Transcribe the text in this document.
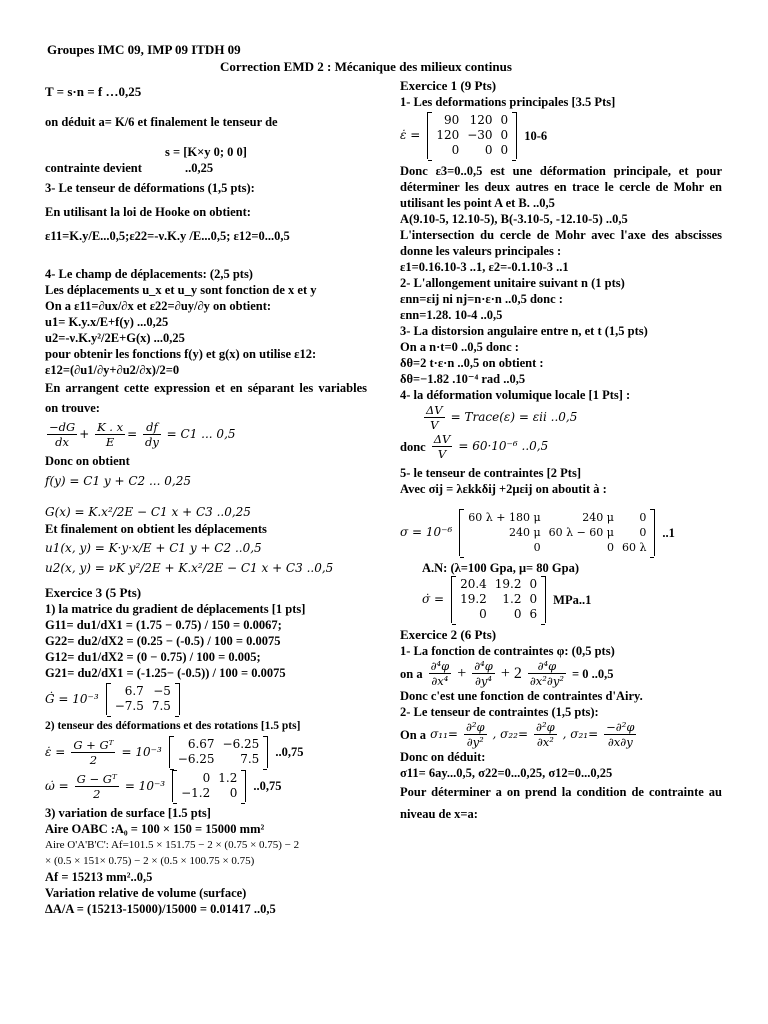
Groupes IMC 09, IMP 09 ITDH 09
Correction EMD 2 : Mécanique des milieux continus
T = s·n = f …0,25
on déduit a= K/6 et finalement le tenseur de
s = [K×y 0; 0 0]
contrainte devient	..0,25
3- Le tenseur de déformations (1,5 pts):
En utilisant la loi de Hooke on obtient:
ε11=K.y/E...0,5;ε22=-ν.K.y /E...0,5; ε12=0...0,5
4- Le champ de déplacements: (2,5 pts)
Les déplacements u_x et u_y sont fonction de x et y
On a ε11=∂ux/∂x et ε22=∂uy/∂y on obtient:
u1= K.y.x/E+f(y) ...0,25
u2=-ν.K.y²/2E+G(x) ...0,25
pour obtenir les fonctions f(y) et g(x) on utilise ε12:
ε12=(∂u1/∂y+∂u2/∂x)/2=0
En arrangent cette expression et en séparant les variables on trouve:
$\frac{-dG}{dx} + \frac{K . x}{E} = \frac{df}{dy} = C1$ ... 0,5
Donc on obtient
f(y) = C1 y + C2 ... 0,25
G(x) = K.x²/2E − C1 x + C3 ..0,25
Et finalement on obtient les déplacements
u1(x, y) = K·y·x/E + C1 y + C2 ..0,5
u2(x, y) = νK y²/2E + K.x²/2E − C1 x + C3 ..0,5
Exercice 3 (5 Pts)
1) la matrice du gradient de déplacements [1 pts]
G11= du1/dX1 = (1.75 − 0.75) / 150 = 0.0067;
G22= du2/dX2 = (0.25 − (-0.5) / 100 = 0.0075
G12= du1/dX2 = (0 − 0.75) / 100 = 0.005;
G21= du2/dX1 = (-1.25− (-0.5)) / 100 = 0.0075
Ġ = 10⁻³
6.7	−5
−7.5	7.5
2) tenseur des déformations et des rotations [1.5 pts]
ε̇ = $\frac{\text{G + Gᵀ}}{2} = 10^{-3}$
6.67	−6.25
−6.25	7.5 ..0,75
ω̇ = $\frac{\text{G − Gᵀ}}{2} = 10^{-3}$
0	1.2
−1.2	0 ..0,75
3) variation de surface [1.5 pts]
Aire OABC :A₀ = 100 × 150 = 15000 mm²
Aire O'A'B'C': Af=101.5 × 151.75 − 2 × (0.75 × 0.75) − 2
× (0.5 × 151× 0.75) − 2 × (0.5 × 100.75 × 0.75)
Af = 15213 mm²..0,5
Variation relative de volume (surface)
ΔA/A = (15213-15000)/15000 = 0.01417 ..0,5
Exercice 1 (9 Pts)
1- Les deformations principales [3.5 Pts]
ε̇ =
90	120	0
120	−30	0
0	0	0
10-6
Donc ε3=0..0,5 est une déformation principale, et pour déterminer les deux autres en trace le cercle de Mohr en utilisant les point A et B. ..0,5
A(9.10-5, 12.10-5), B(-3.10-5, -12.10-5) ..0,5
L'intersection du cercle de Mohr avec l'axe des abscisses donne les valeurs principales :
ε1=0.16.10-3 ..1, ε2=-0.1.10-3 ..1
2- L'allongement unitaire suivant n (1 pts)
εnn=εij ni nj=n·ε·n ..0,5 donc :
εnn=1.28. 10-4 ..0,5
3- La distorsion angulaire entre n, et t (1,5 pts)
On a n·t=0 ..0,5 donc :
δθ=2 t·ε·n ..0,5 on obtient :
δθ=−1.82 .10⁻⁴ rad ..0,5
4- la déformation volumique locale [1 Pts] :
$\frac{\Delta V}{V}$ = Trace(ε) = εii ..0,5
donc $\frac{\Delta V}{V} = 60\cdot 10^{-6}$ ..0,5
5- le tenseur de contraintes [2 Pts]
Avec σij = λεkkδij +2μεij on aboutit à :
σ = 10⁻⁶
60 λ + 180 μ	240 μ	0
240 μ	60 λ − 60 μ	0
0	0	60 λ
..1
A.N: (λ=100 Gpa, μ= 80 Gpa)
σ̇ =
20.4	19.2	0
19.2	1.2	0
0	0	6
MPa..1
Exercice 2 (6 Pts)
1- La fonction de contraintes φ: (0,5 pts)
on a $\frac{\text{∂⁴φ}}{\text{∂x⁴}} + \frac{\text{∂⁴φ}}{\text{∂y⁴}} + 2 \frac{\text{∂⁴φ}}{\text{∂x²∂y²}} = 0$ ..0,5
Donc c'est une fonction de contraintes d'Airy.
2- Le tenseur de contraintes (1,5 pts):
On a $\sigma_{11}= \frac{\text{∂²φ}}{\text{∂y²}}$ , $\sigma_{22}= \frac{\text{∂²φ}}{\text{∂x²}}$ , $\sigma_{21}= \frac{\text{−∂²φ}}{\partial x\partial y}$
Donc on déduit:
σ11= 6ay...0,5, σ22=0...0,25, σ12=0...0,25
Pour déterminer a on prend la condition de contrainte au niveau de x=a:
